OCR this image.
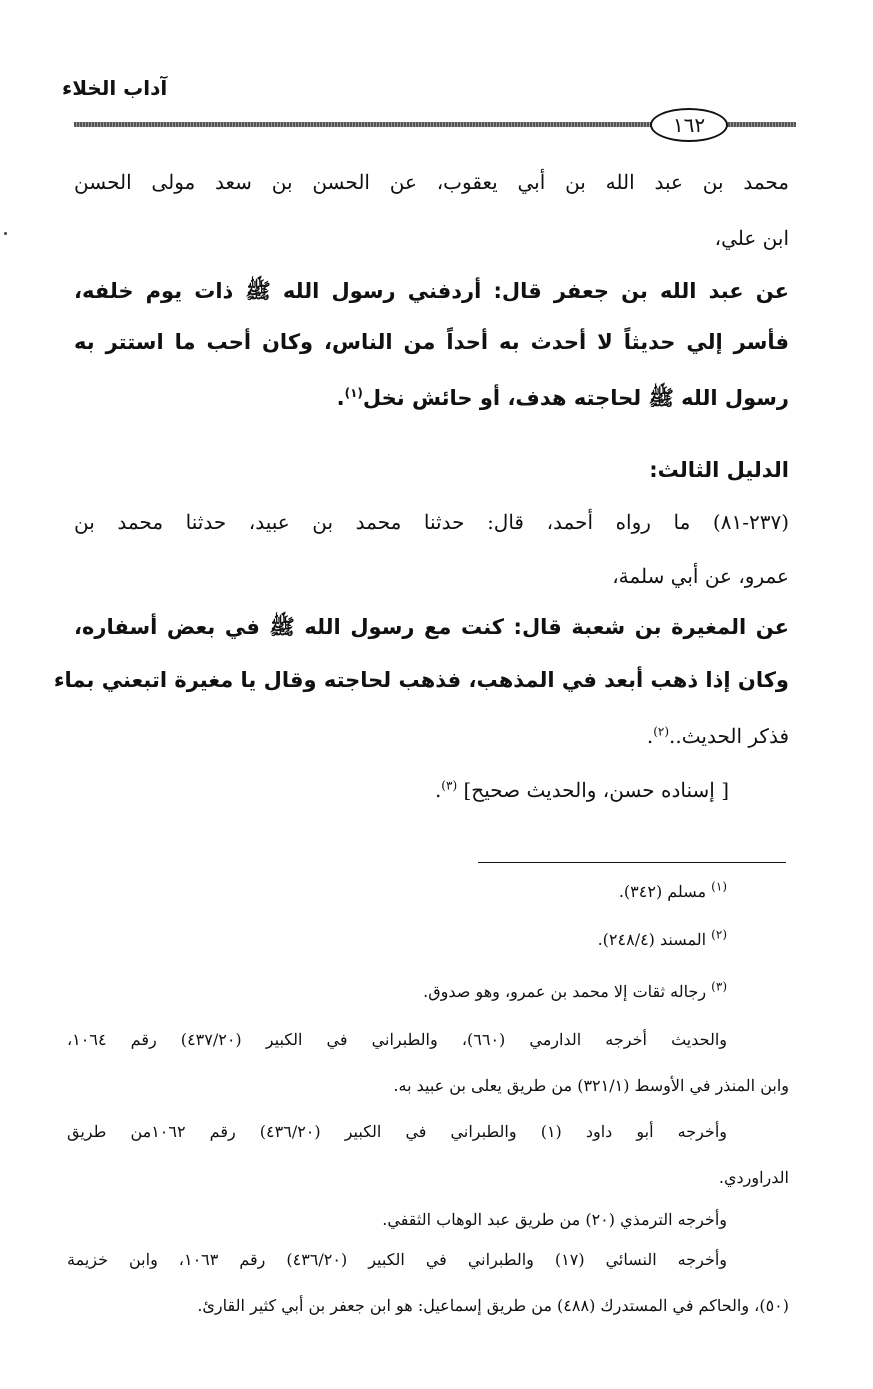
آداب الخلاء
١٦٢

محمد بن عبد الله بن أبي يعقوب، عن الحسن بن سعد مولى الحسن

ابن علي،

عن عبد الله بن جعفر قال: أردفني رسول الله ﷺ ذات يوم خلفه،

فأسر إلي حديثاً لا أحدث به أحداً من الناس، وكان أحب ما استتر به

رسول الله ﷺ لحاجته هدف، أو حائش نخل$^{(١)}$.

الدليل الثالث:

(٢٣٧-٨١) ما رواه أحمد، قال: حدثنا محمد بن عبيد، حدثنا محمد بن

عمرو، عن أبي سلمة،

عن المغيرة بن شعبة قال: كنت مع رسول الله ﷺ في بعض أسفاره،

وكان إذا ذهب أبعد في المذهب، فذهب لحاجته وقال يا مغيرة اتبعني بماء

فذكر الحديث..$^{(٢)}$.

[ إسناده حسن، والحديث صحيح] $^{(٣)}$.

$^{(١)}$ مسلم (٣٤٢).
$^{(٢)}$ المسند (٢٤٨/٤).
$^{(٣)}$ رجاله ثقات إلا محمد بن عمرو، وهو صدوق.
والحديث أخرجه الدارمي (٦٦٠)، والطبراني في الكبير (٤٣٧/٢٠) رقم ١٠٦٤،
وابن المنذر في الأوسط (٣٢١/١) من طريق يعلى بن عبيد به.
وأخرجه أبو داود (١) والطبراني في الكبير (٤٣٦/٢٠) رقم ١٠٦٢من طريق
الدراوردي.
وأخرجه الترمذي (٢٠) من طريق عبد الوهاب الثقفي.
وأخرجه النسائي (١٧) والطبراني في الكبير (٤٣٦/٢٠) رقم ١٠٦٣، وابن خزيمة
(٥٠)، والحاكم في المستدرك (٤٨٨) من طريق إسماعيل: هو ابن جعفر بن أبي كثير القارئ.
